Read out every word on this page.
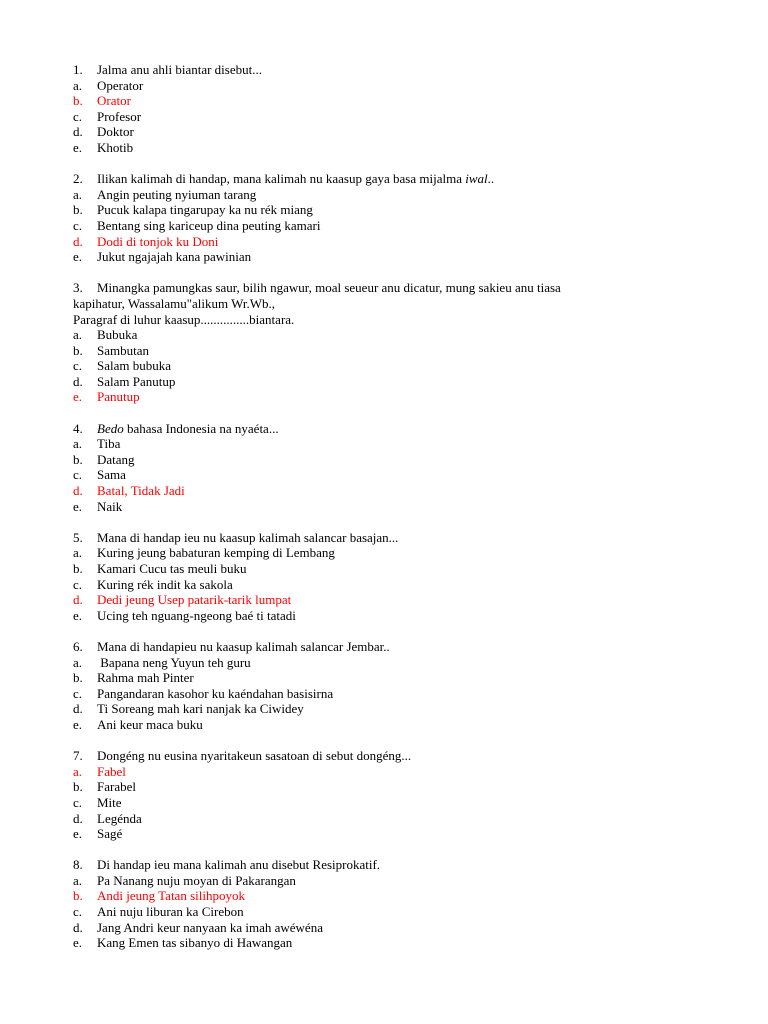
1.	Jalma anu ahli biantar disebut...
a.	Operator
b.	Orator
c.	Profesor
d.	Doktor
e.	Khotib
2.	Ilikan kalimah di handap, mana kalimah nu kaasup gaya basa mijalma iwal..
a.	Angin peuting nyiuman tarang
b.	Pucuk kalapa tingarupay ka nu rék miang
c.	Bentang sing kariceup dina peuting kamari
d.	Dodi di tonjok ku Doni
e.	Jukut ngajajah kana pawinian
3.	Minangka pamungkas saur, bilih ngawur, moal seueur anu dicatur, mung sakieu anu tiasa
kapihatur, Wassalamu"alikum Wr.Wb.,
Paragraf di luhur kaasup...............biantara.
a.	Bubuka
b.	Sambutan
c.	Salam bubuka
d.	Salam Panutup
e.	Panutup
4.	Bedo bahasa Indonesia na nyaéta...
a.	Tiba
b.	Datang
c.	Sama
d.	Batal, Tidak Jadi
e.	Naik
5.	Mana di handap ieu nu kaasup kalimah salancar basajan...
a.	Kuring jeung babaturan kemping di Lembang
b.	Kamari Cucu tas meuli buku
c.	Kuring rék indit ka sakola
d.	Dedi jeung Usep patarik-tarik lumpat
e.	Ucing teh nguang-ngeong baé ti tatadi
6.	Mana di handapieu nu kaasup kalimah salancar Jembar..
a.	Bapana neng Yuyun teh guru
b.	Rahma mah Pinter
c.	Pangandaran kasohor ku kaéndahan basisirna
d.	Ti Soreang mah kari nanjak ka Ciwidey
e.	Ani keur maca buku
7.	Dongéng nu eusina nyaritakeun sasatoan di sebut dongéng...
a.	Fabel
b.	Farabel
c.	Mite
d.	Legénda
e.	Sagé
8.	Di handap ieu mana kalimah anu disebut Resiprokatif.
a.	Pa Nanang nuju moyan di Pakarangan
b.	Andi jeung Tatan silihpoyok
c.	Ani nuju liburan ka Cirebon
d.	Jang Andri keur nanyaan ka imah awéwéna
e.	Kang Emen tas sibanyo di Hawangan
